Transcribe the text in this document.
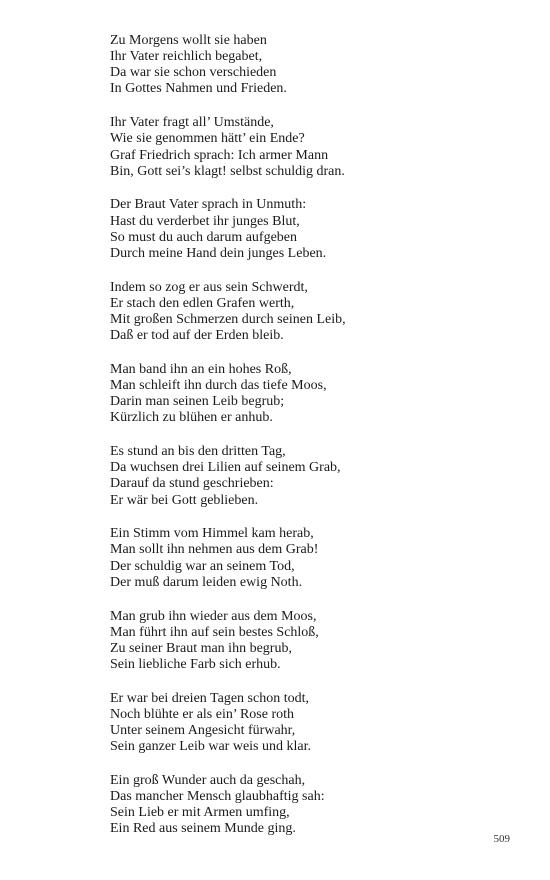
Zu Morgens wollt sie haben
Ihr Vater reichlich begabet,
Da war sie schon verschieden
In Gottes Nahmen und Frieden.
Ihr Vater fragt all’ Umstände,
Wie sie genommen hätt’ ein Ende?
Graf Friedrich sprach: Ich armer Mann
Bin, Gott sei’s klagt! selbst schuldig dran.
Der Braut Vater sprach in Unmuth:
Hast du verderbet ihr junges Blut,
So must du auch darum aufgeben
Durch meine Hand dein junges Leben.
Indem so zog er aus sein Schwerdt,
Er stach den edlen Grafen werth,
Mit großen Schmerzen durch seinen Leib,
Daß er tod auf der Erden bleib.
Man band ihn an ein hohes Roß,
Man schleift ihn durch das tiefe Moos,
Darin man seinen Leib begrub;
Kürzlich zu blühen er anhub.
Es stund an bis den dritten Tag,
Da wuchsen drei Lilien auf seinem Grab,
Darauf da stund geschrieben:
Er wär bei Gott geblieben.
Ein Stimm vom Himmel kam herab,
Man sollt ihn nehmen aus dem Grab!
Der schuldig war an seinem Tod,
Der muß darum leiden ewig Noth.
Man grub ihn wieder aus dem Moos,
Man führt ihn auf sein bestes Schloß,
Zu seiner Braut man ihn begrub,
Sein liebliche Farb sich erhub.
Er war bei dreien Tagen schon todt,
Noch blühte er als ein’ Rose roth
Unter seinem Angesicht fürwahr,
Sein ganzer Leib war weis und klar.
Ein groß Wunder auch da geschah,
Das mancher Mensch glaubhaftig sah:
Sein Lieb er mit Armen umfing,
Ein Red aus seinem Munde ging.
509
